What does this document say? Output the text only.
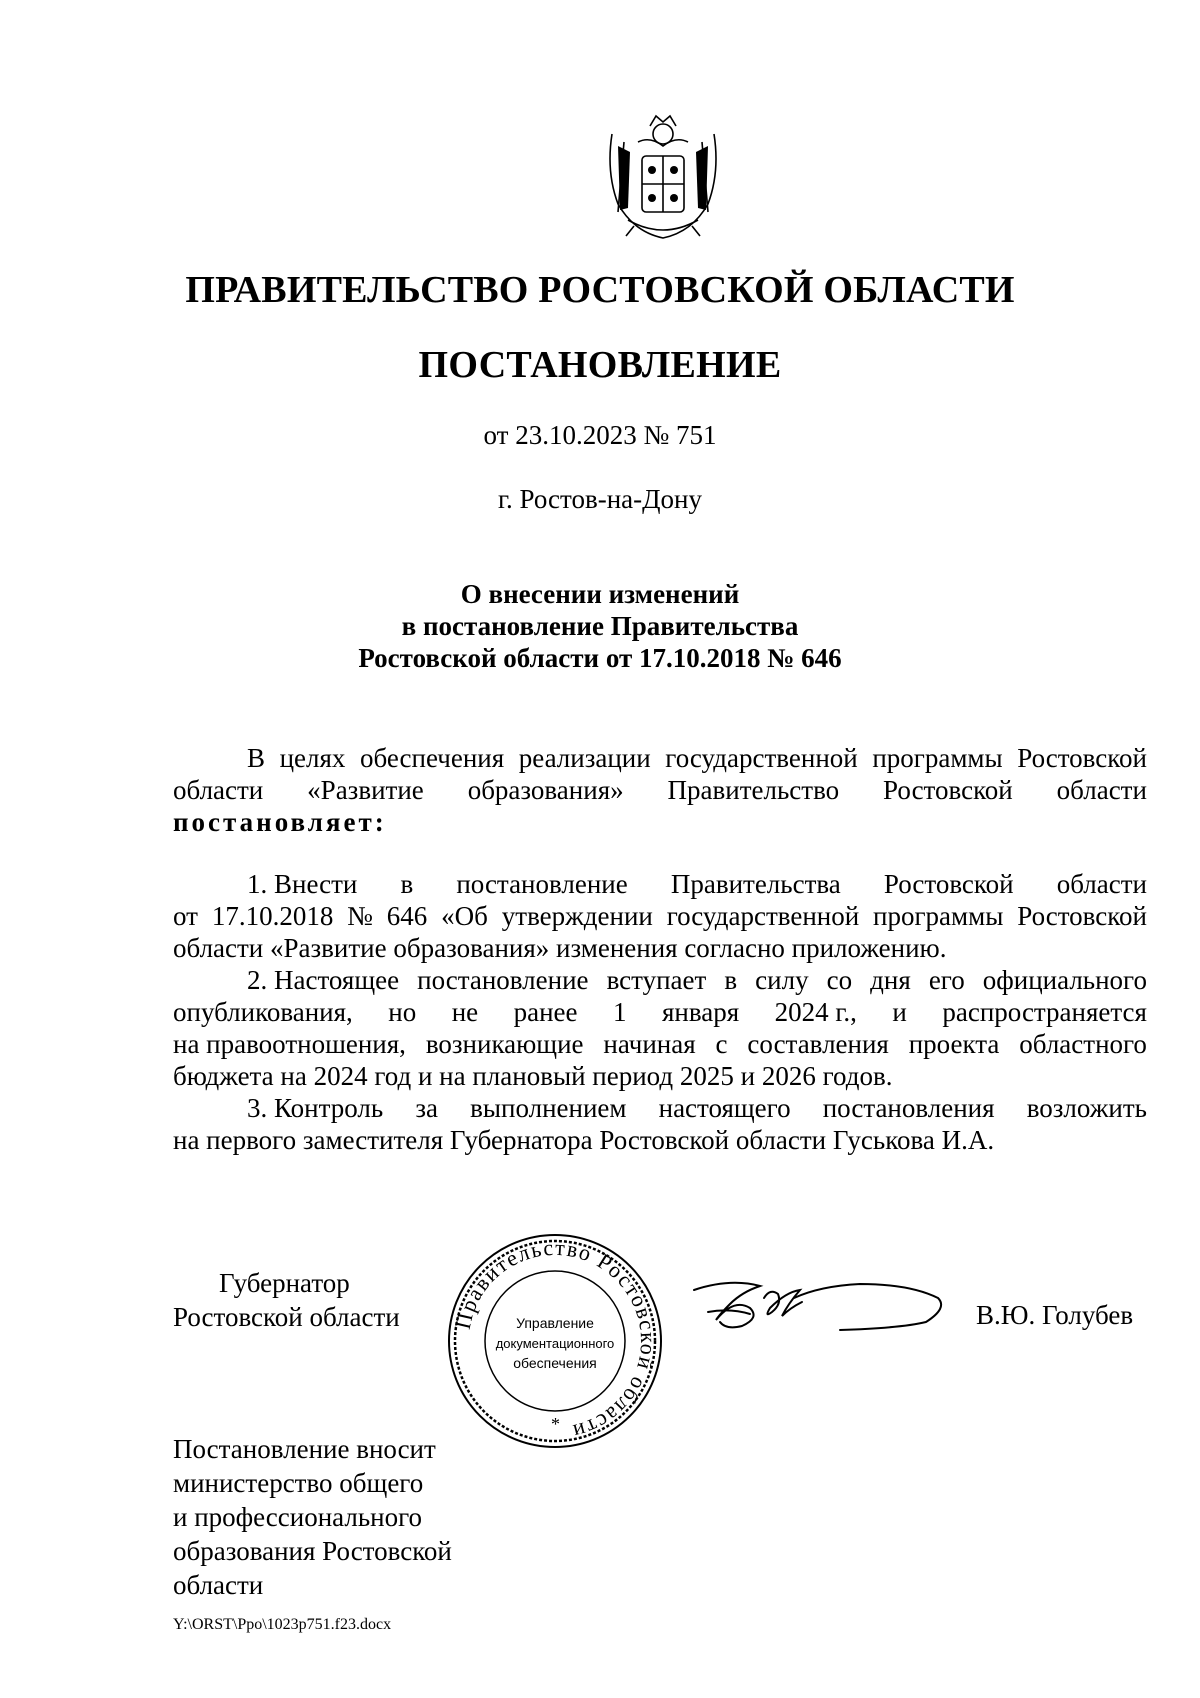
ПРАВИТЕЛЬСТВО РОСТОВСКОЙ ОБЛАСТИ
ПОСТАНОВЛЕНИЕ
от 23.10.2023 № 751
г. Ростов-на-Дону
О внесении изменений
в постановление Правительства
Ростовской области от 17.10.2018 № 646
В целях обеспечения реализации государственной программы Ростовской
области «Развитие образования» Правительство Ростовской области
постановляет:
1. Внести в постановление Правительства Ростовской области
от 17.10.2018 № 646 «Об утверждении государственной программы Ростовской
области «Развитие образования» изменения согласно приложению.
2. Настоящее постановление вступает в силу со дня его официального
опубликования, но не ранее 1 января 2024 г., и распространяется
на правоотношения, возникающие начиная с составления проекта областного
бюджета на 2024 год и на плановый период 2025 и 2026 годов.
3. Контроль за выполнением настоящего постановления возложить
на первого заместителя Губернатора Ростовской области Гуськова И.А.
Губернатор
Ростовской области Правительство Ростовской области
Управление
документационного
обеспечения
*
В.Ю. Голубев
Постановление вносит
министерство общего
и профессионального
образования Ростовской
области
Y:\ORST\Ppo\1023p751.f23.docx
